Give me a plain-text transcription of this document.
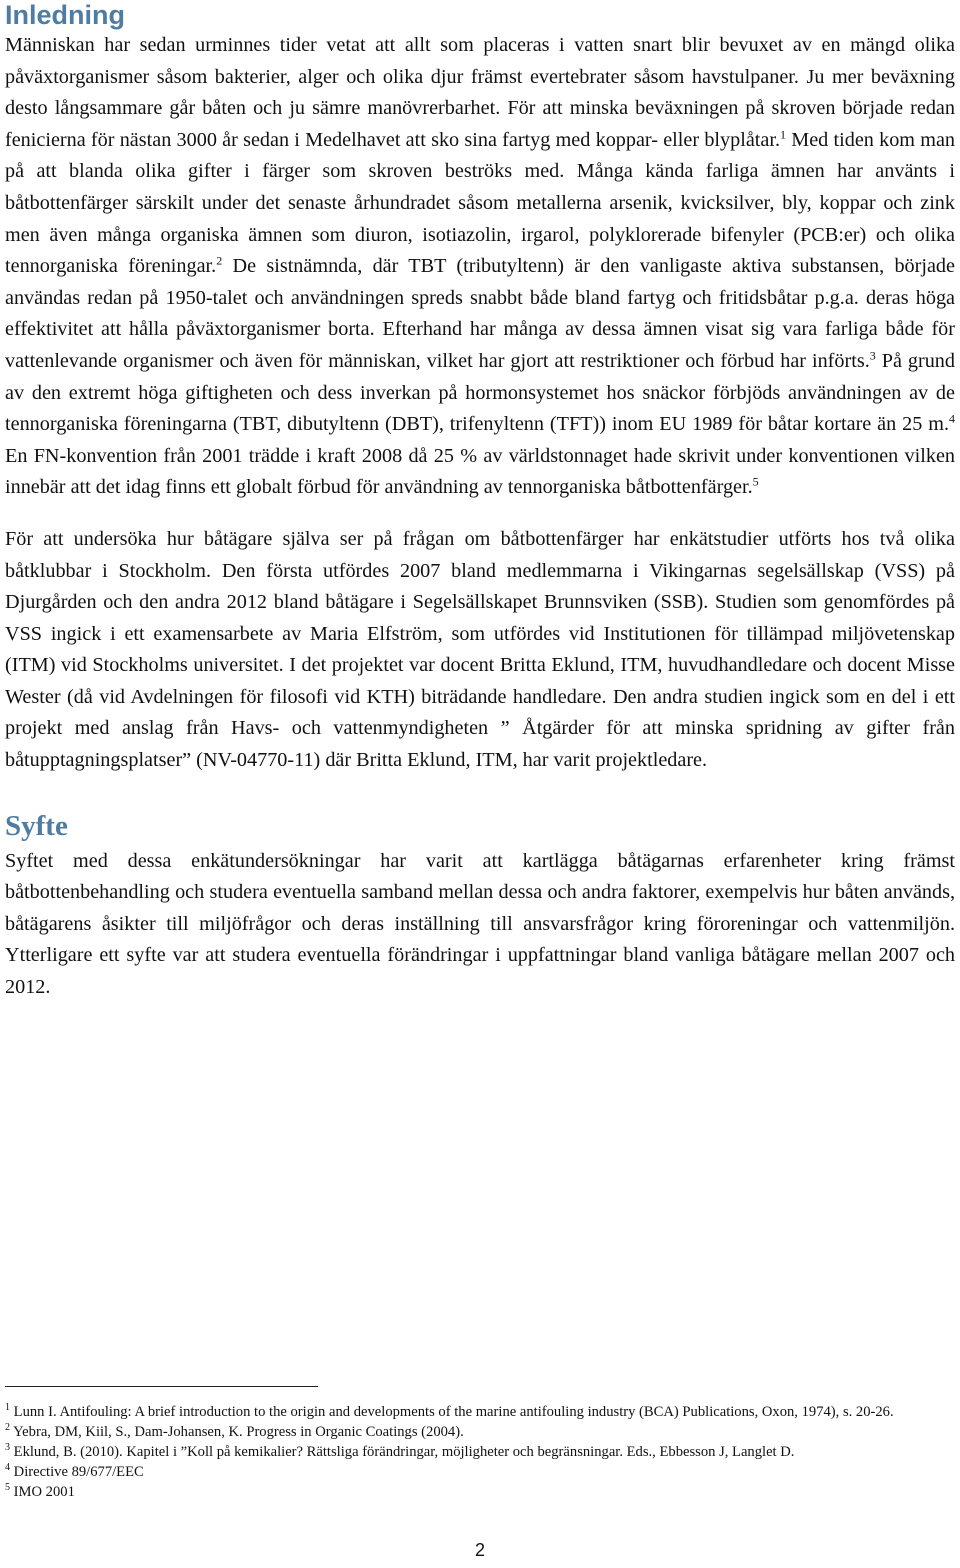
Inledning

Människan har sedan urminnes tider vetat att allt som placeras i vatten snart blir bevuxet av en mängd olika påväxtorganismer såsom bakterier, alger och olika djur främst evertebrater såsom havstulpaner. Ju mer beväxning desto långsammare går båten och ju sämre manövrerbarhet. För att minska beväxningen på skroven började redan fenicierna för nästan 3000 år sedan i Medelhavet att sko sina fartyg med koppar- eller blyplåtar.$^1$ Med tiden kom man på att blanda olika gifter i färger som skroven beströks med. Många kända farliga ämnen har använts i båtbottenfärger särskilt under det senaste århundradet såsom metallerna arsenik, kvicksilver, bly, koppar och zink men även många organiska ämnen som diuron, isotiazolin, irgarol, polyklorerade bifenyler (PCB:er) och olika tennorganiska föreningar.$^2$ De sistnämnda, där TBT (tributyltenn) är den vanligaste aktiva substansen, började användas redan på 1950-talet och användningen spreds snabbt både bland fartyg och fritidsbåtar p.g.a. deras höga effektivitet att hålla påväxtorganismer borta. Efterhand har många av dessa ämnen visat sig vara farliga både för vattenlevande organismer och även för människan, vilket har gjort att restriktioner och förbud har införts.$^3$ På grund av den extremt höga giftigheten och dess inverkan på hormonsystemet hos snäckor förbjöds användningen av de tennorganiska föreningarna (TBT, dibutyltenn (DBT), trifenyltenn (TFT)) inom EU 1989 för båtar kortare än 25 m.$^4$ En FN-konvention från 2001 trädde i kraft 2008 då 25 % av världstonnaget hade skrivit under konventionen vilken innebär att det idag finns ett globalt förbud för användning av tennorganiska båtbottenfärger.$^5$

För att undersöka hur båtägare själva ser på frågan om båtbottenfärger har enkätstudier utförts hos två olika båtklubbar i Stockholm. Den första utfördes 2007 bland medlemmarna i Vikingarnas segelsällskap (VSS) på Djurgården och den andra 2012 bland båtägare i Segelsällskapet Brunnsviken (SSB). Studien som genomfördes på VSS ingick i ett examensarbete av Maria Elfström, som utfördes vid Institutionen för tillämpad miljövetenskap (ITM) vid Stockholms universitet. I det projektet var docent Britta Eklund, ITM, huvudhandledare och docent Misse Wester (då vid Avdelningen för filosofi vid KTH) biträdande handledare. Den andra studien ingick som en del i ett projekt med anslag från Havs- och vattenmyndigheten ” Åtgärder för att minska spridning av gifter från båtupptagningsplatser” (NV-04770-11) där Britta Eklund, ITM, har varit projektledare.

Syfte

Syftet med dessa enkätundersökningar har varit att kartlägga båtägarnas erfarenheter kring främst båtbottenbehandling och studera eventuella samband mellan dessa och andra faktorer, exempelvis hur båten används, båtägarens åsikter till miljöfrågor och deras inställning till ansvarsfrågor kring föroreningar och vattenmiljön. Ytterligare ett syfte var att studera eventuella förändringar i uppfattningar bland vanliga båtägare mellan 2007 och 2012.

$^1$ Lunn I. Antifouling: A brief introduction to the origin and developments of the marine antifouling industry (BCA) Publications, Oxon, 1974), s. 20-26.

$^2$ Yebra, DM, Kiil, S., Dam-Johansen, K. Progress in Organic Coatings (2004).

$^3$ Eklund, B. (2010). Kapitel i ”Koll på kemikalier? Rättsliga förändringar, möjligheter och begränsningar. Eds., Ebbesson J, Langlet D.

$^4$ Directive 89/677/EEC

$^5$ IMO 2001

2
